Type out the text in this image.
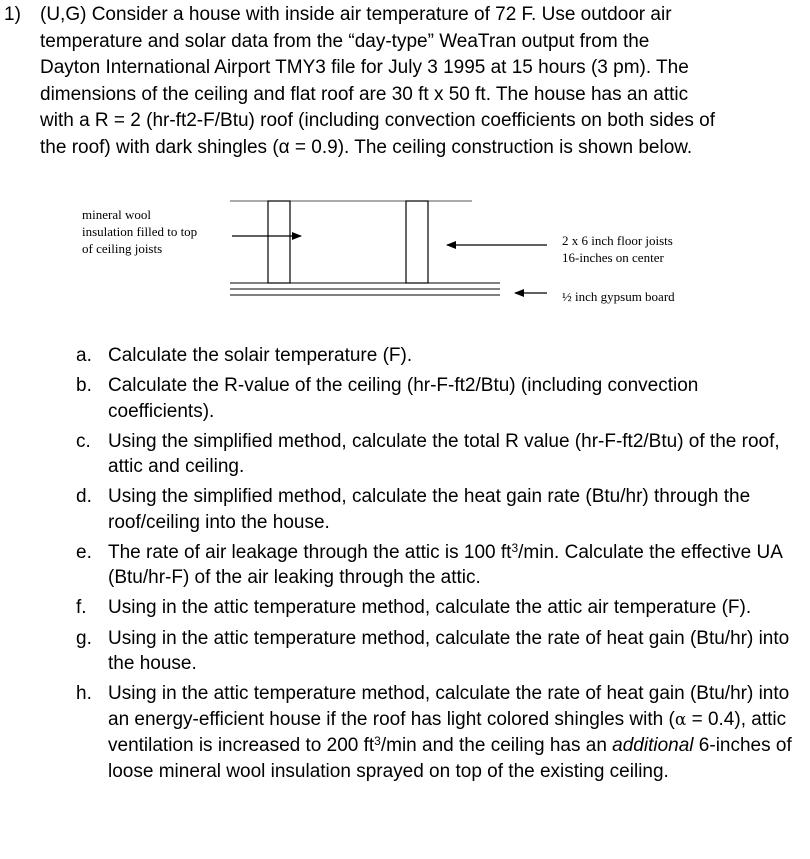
1) (U,G) Consider a house with inside air temperature of 72 F. Use outdoor air

temperature and solar data from the “day-type” WeaTran output from the

Dayton International Airport TMY3 file for July 3 1995 at 15 hours (3 pm). The

dimensions of the ceiling and flat roof are 30 ft x 50 ft. The house has an attic

with a R = 2 (hr-ft2-F/Btu) roof (including convection coefficients on both sides of

the roof) with dark shingles (α = 0.9). The ceiling construction is shown below.

mineral wool
insulation filled to top
of ceiling joists
2 x 6 inch floor joists
16-inches on center
½ inch gypsum board
a. Calculate the solair temperature (F).
b. Calculate the R-value of the ceiling (hr-F-ft2/Btu) (including convection coefficients).
c. Using the simplified method, calculate the total R value (hr-F-ft2/Btu) of the roof, attic and ceiling.
d. Using the simplified method, calculate the heat gain rate (Btu/hr) through the roof/ceiling into the house.
e. The rate of air leakage through the attic is 100 $ft^3/\min$. Calculate the effective UA (Btu/hr-F) of the air leaking through the attic.
f. Using in the attic temperature method, calculate the attic air temperature (F).
g. Using in the attic temperature method, calculate the rate of heat gain (Btu/hr) into the house.
h. Using in the attic temperature method, calculate the rate of heat gain (Btu/hr) into an energy-efficient house if the roof has light colored shingles with (α = 0.4), attic ventilation is increased to 200 $ft^3/\min$ and the ceiling has an additional 6-inches of loose mineral wool insulation sprayed on top of the existing ceiling.
